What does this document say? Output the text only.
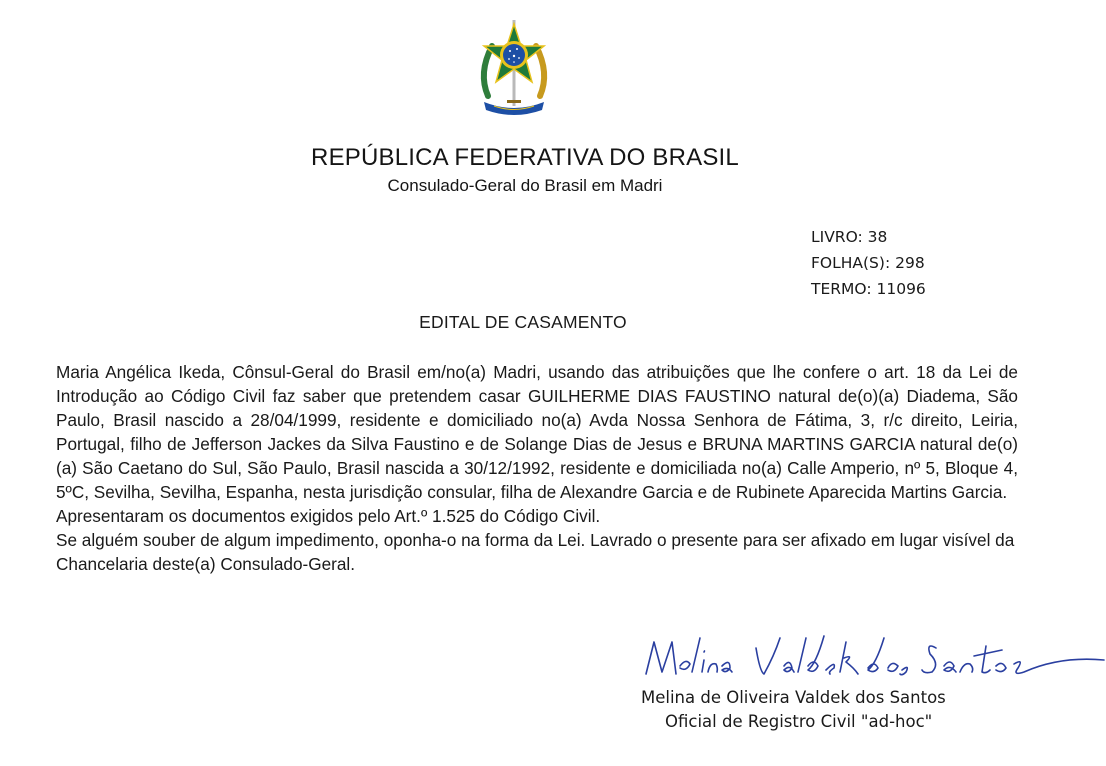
REPÚBLICA FEDERATIVA DO BRASIL
Consulado-Geral do Brasil em Madri
LIVRO: 38
FOLHA(S): 298
TERMO: 11096
EDITAL DE CASAMENTO

Maria Angélica Ikeda, Cônsul-Geral do Brasil em/no(a) Madri, usando das atribuições que lhe confere o art. 18 da Lei de Introdução ao Código Civil faz saber que pretendem casar GUILHERME DIAS FAUSTINO natural de(o)(a) Diadema, São Paulo, Brasil nascido a 28/04/1999, residente e domiciliado no(a) Avda Nossa Senhora de Fátima, 3, r/c direito, Leiria, Portugal, filho de Jefferson Jackes da Silva Faustino e de Solange Dias de Jesus e BRUNA MARTINS GARCIA natural de(o)(a) São Caetano do Sul, São Paulo, Brasil nascida a 30/12/1992, residente e domiciliada no(a) Calle Amperio, nº 5, Bloque 4, 5ºC, Sevilha, Sevilha, Espanha, nesta jurisdição consular, filha de Alexandre Garcia e de Rubinete Aparecida Martins Garcia.

Apresentaram os documentos exigidos pelo Art.º 1.525 do Código Civil.

Se alguém souber de algum impedimento, oponha-o na forma da Lei. Lavrado o presente para ser afixado em lugar visível da Chancelaria deste(a) Consulado-Geral.

Melina de Oliveira Valdek dos Santos
Oficial de Registro Civil "ad-hoc"
